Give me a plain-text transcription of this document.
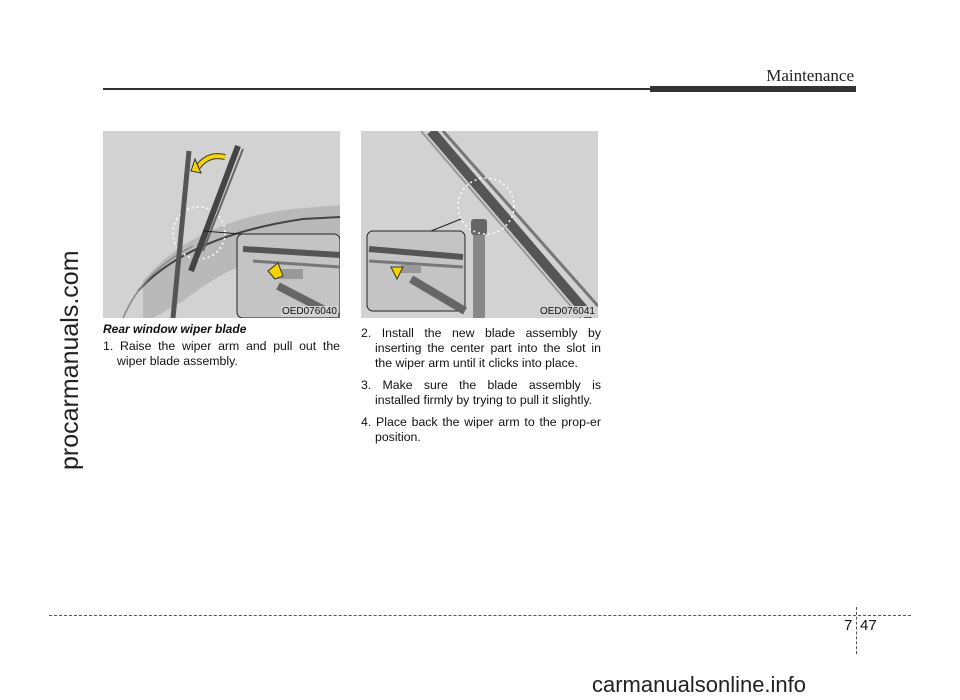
Maintenance
procarmanuals.com	OED076040	OED076041
Rear window wiper blade
1. Raise the wiper arm and pull out the wiper blade assembly.
2. Install the new blade assembly by inserting the center part into the slot in the wiper arm until it clicks into place.
3. Make sure the blade assembly is installed firmly by trying to pull it slightly.
4. Place back the wiper arm to the prop-er position.
7 47
carmanualsonline.info
